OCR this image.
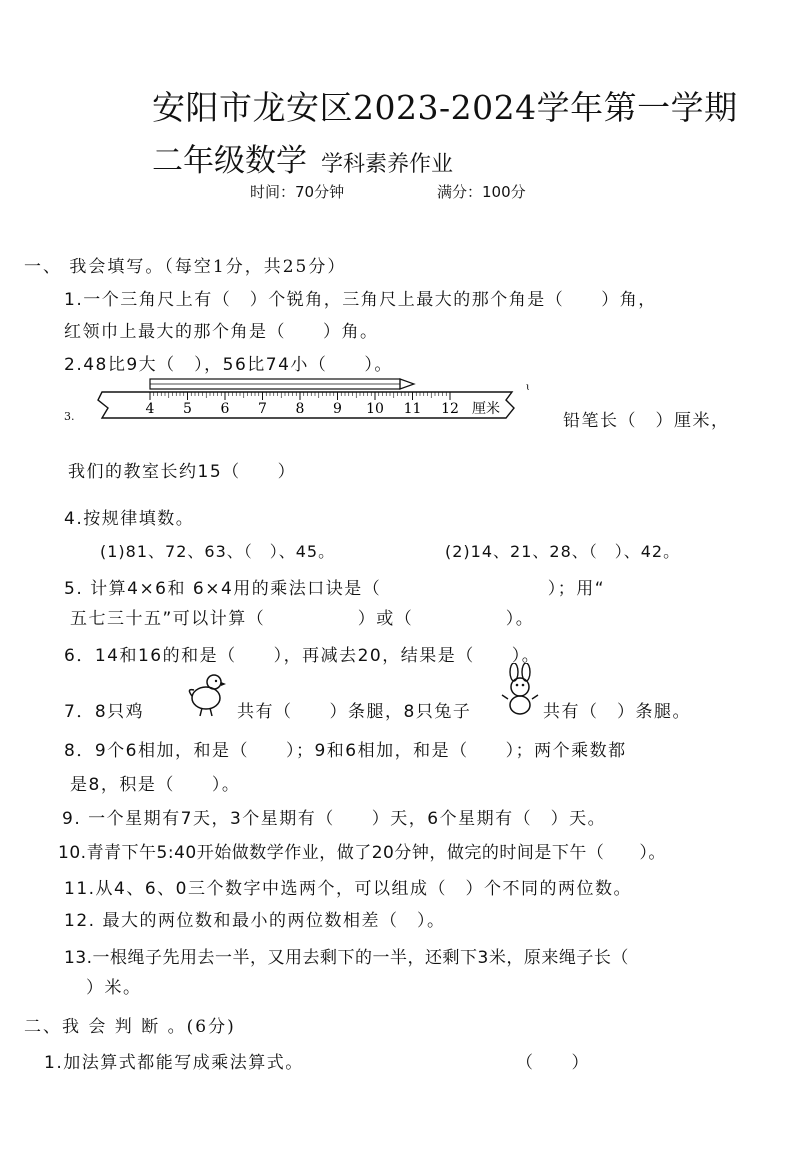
安阳市龙安区2023-2024学年第一学期
二年级数学 学科素养作业
时间：70分钟	满分：100分
一、 我会填写。（每空1分，共25分）
1.一个三角尺上有（　）个锐角，三角尺上最大的那个角是（　　）角，
红领巾上最大的那个角是（　　）角。
2.48比9大（　），56比74小（　　）。
3.	4 5 6 7 8 9 10 11 12 厘米
ɩ
铅笔长（　）厘米，
我们的教室长约15（　　）
4.按规律填数。
(1)81、72、63、（　）、45。	(2)14、21、28、（　）、42。
5. 计算4×6和 6×4用的乘法口诀是（　　　　　　　　　）；用“
五七三十五”可以计算（　　　　　）或（　　　　　）。
6．14和16的和是（　　），再减去20，结果是（　　）。
7．8只鸡	共有（　　）条腿，8只兔子	共有（　）条腿。
8．9个6相加，和是（　　）；9和6相加，和是（　　）；两个乘数都
是8，积是（　　）。
9. 一个星期有7天，3个星期有（　　）天，6个星期有（　）天。
10.青青下午5:40开始做数学作业，做了20分钟，做完的时间是下午（　　）。
11.从4、6、0三个数字中选两个，可以组成（　）个不同的两位数。
12. 最大的两位数和最小的两位数相差（　）。
13.一根绳子先用去一半，又用去剩下的一半，还剩下3米，原来绳子长（
）米。
二、我 会 判 断 。(6分)
1.加法算式都能写成乘法算式。	（　　）
